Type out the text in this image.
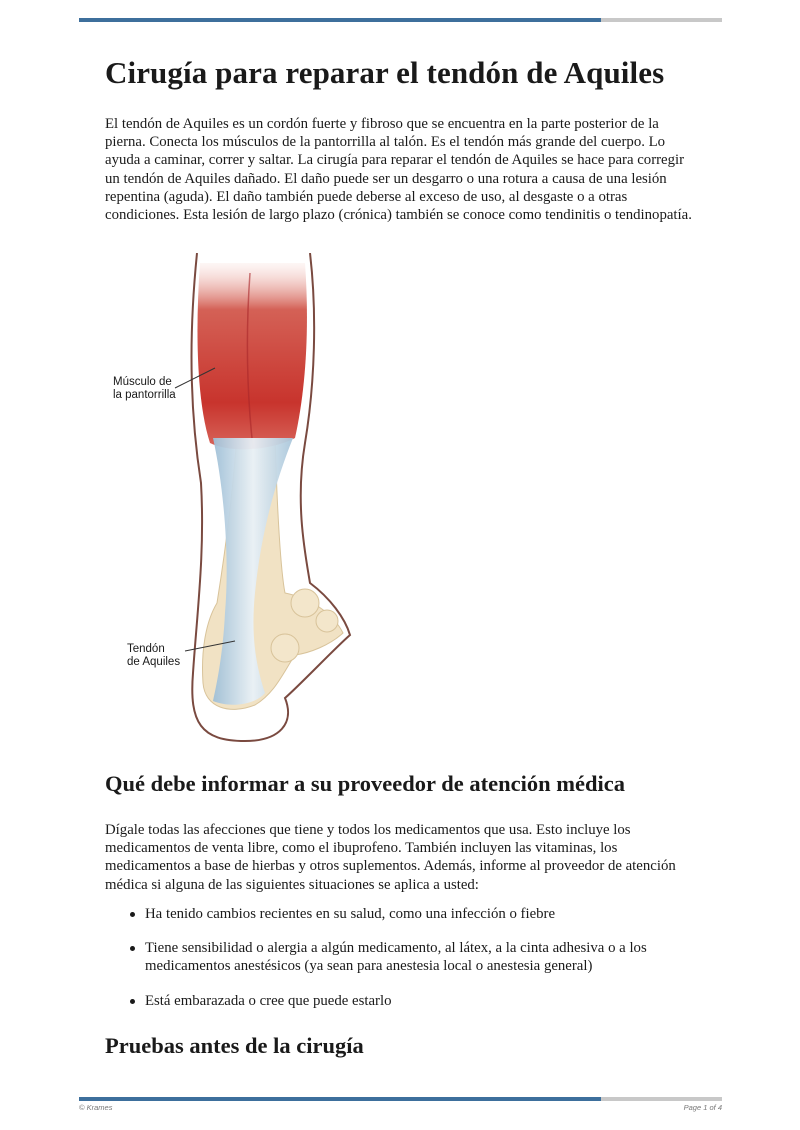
Cirugía para reparar el tendón de Aquiles

El tendón de Aquiles es un cordón fuerte y fibroso que se encuentra en la parte posterior de la pierna. Conecta los músculos de la pantorrilla al talón. Es el tendón más grande del cuerpo. Lo ayuda a caminar, correr y saltar. La cirugía para reparar el tendón de Aquiles se hace para corregir un tendón de Aquiles dañado. El daño puede ser un desgarro o una rotura a causa de una lesión repentina (aguda). El daño también puede deberse al exceso de uso, al desgaste o a otras condiciones. Esta lesión de largo plazo (crónica) también se conoce como tendinitis o tendinopatía.

Músculo de
la pantorrilla
Tendón
de Aquiles
Qué debe informar a su proveedor de atención médica

Dígale todas las afecciones que tiene y todos los medicamentos que usa. Esto incluye los medicamentos de venta libre, como el ibuprofeno. También incluyen las vitaminas, los medicamentos a base de hierbas y otros suplementos. Además, informe al proveedor de atención médica si alguna de las siguientes situaciones se aplica a usted:

Ha tenido cambios recientes en su salud, como una infección o fiebre
Tiene sensibilidad o alergia a algún medicamento, al látex, a la cinta adhesiva o a los medicamentos anestésicos (ya sean para anestesia local o anestesia general)
Está embarazada o cree que puede estarlo
Pruebas antes de la cirugía
© Krames	Page 1 of 4
